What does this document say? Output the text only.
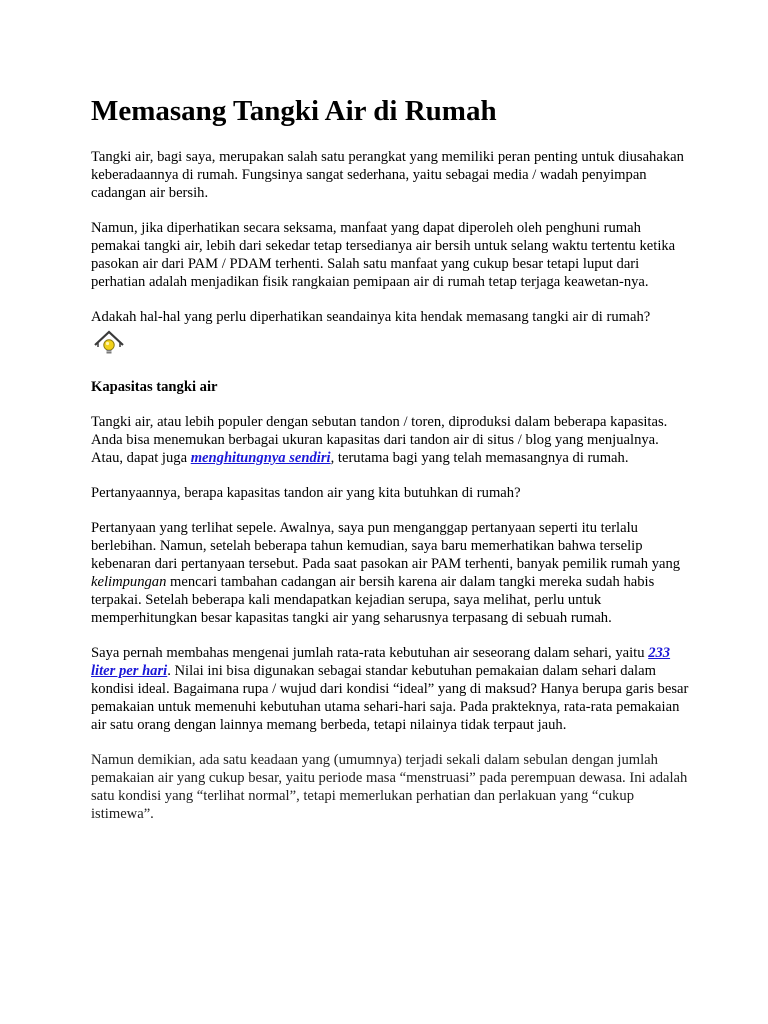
Memasang Tangki Air di Rumah

Tangki air, bagi saya, merupakan salah satu perangkat yang memiliki peran penting untuk diusahakan keberadaannya di rumah. Fungsinya sangat sederhana, yaitu sebagai media / wadah penyimpan cadangan air bersih.

Namun, jika diperhatikan secara seksama, manfaat yang dapat diperoleh oleh penghuni rumah pemakai tangki air, lebih dari sekedar tetap tersedianya air bersih untuk selang waktu tertentu ketika pasokan air dari PAM / PDAM terhenti. Salah satu manfaat yang cukup besar tetapi luput dari perhatian adalah menjadikan fisik rangkaian pemipaan air di rumah tetap terjaga keawetan-nya.

Adakah hal-hal yang perlu diperhatikan seandainya kita hendak memasang tangki air di rumah?

Kapasitas tangki air

Tangki air, atau lebih populer dengan sebutan tandon / toren, diproduksi dalam beberapa kapasitas. Anda bisa menemukan berbagai ukuran kapasitas dari tandon air di situs / blog yang menjualnya. Atau, dapat juga menghitungnya sendiri, terutama bagi yang telah memasangnya di rumah.

Pertanyaannya, berapa kapasitas tandon air yang kita butuhkan di rumah?

Pertanyaan yang terlihat sepele. Awalnya, saya pun menganggap pertanyaan seperti itu terlalu berlebihan. Namun, setelah beberapa tahun kemudian, saya baru memerhatikan bahwa terselip kebenaran dari pertanyaan tersebut. Pada saat pasokan air PAM terhenti, banyak pemilik rumah yang kelimpungan mencari tambahan cadangan air bersih karena air dalam tangki mereka sudah habis terpakai. Setelah beberapa kali mendapatkan kejadian serupa, saya melihat, perlu untuk memperhitungkan besar kapasitas tangki air yang seharusnya terpasang di sebuah rumah.

Saya pernah membahas mengenai jumlah rata-rata kebutuhan air seseorang dalam sehari, yaitu 233 liter per hari. Nilai ini bisa digunakan sebagai standar kebutuhan pemakaian dalam sehari dalam kondisi ideal. Bagaimana rupa / wujud dari kondisi “ideal” yang di maksud? Hanya berupa garis besar pemakaian untuk memenuhi kebutuhan utama sehari-hari saja. Pada prakteknya, rata-rata pemakaian air satu orang dengan lainnya memang berbeda, tetapi nilainya tidak terpaut jauh.

Namun demikian, ada satu keadaan yang (umumnya) terjadi sekali dalam sebulan dengan jumlah pemakaian air yang cukup besar, yaitu periode masa “menstruasi” pada perempuan dewasa. Ini adalah satu kondisi yang “terlihat normal”, tetapi memerlukan perhatian dan perlakuan yang “cukup istimewa”.
